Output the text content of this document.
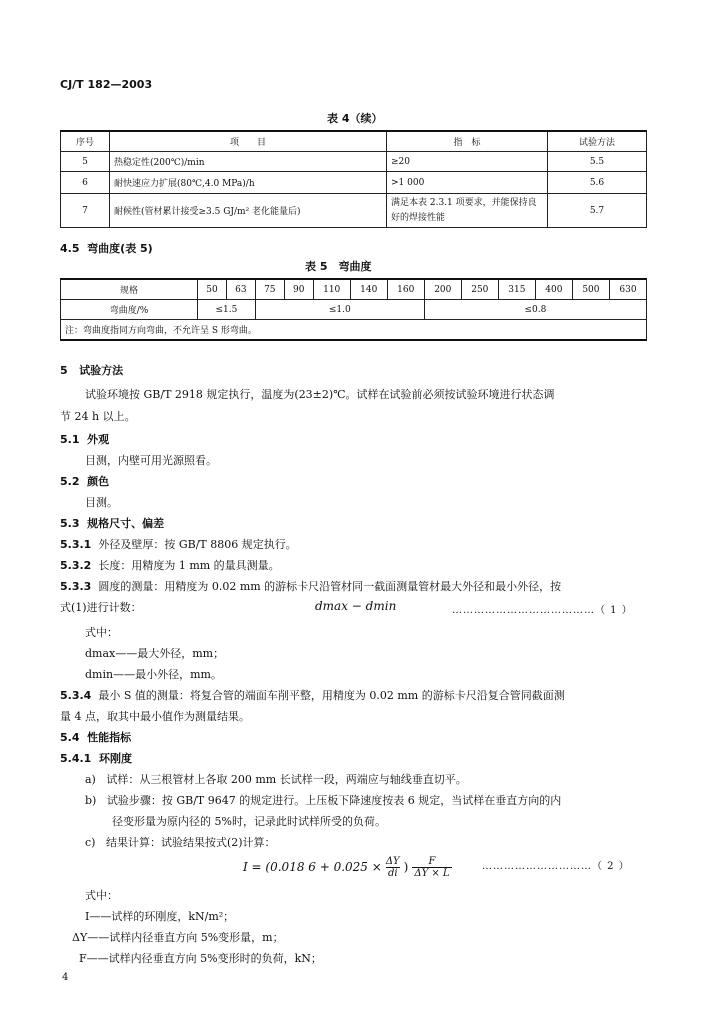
CJ/T 182—2003
表 4（续）
序号	项　　目	指　标	试验方法
5	热稳定性(200℃)/min	≥20	5.5
6	耐快速应力扩展(80℃,4.0 MPa)/h	>1 000	5.6
7	耐候性(管材累计接受≥3.5 GJ/m² 老化能量后)	满足本表 2.3.1 项要求，并能保持良好的焊接性能	5.7
4.5 弯曲度(表 5)
表 5　弯曲度
规格	50	63	75	90	110	140	160	200	250	315	400	500	630
弯曲度/%	≤1.5		≤1.0					≤0.8					
注：弯曲度指同方向弯曲，不允许呈 S 形弯曲。													
5 试验方法
试验环境按 GB/T 2918 规定执行，温度为(23±2)℃。试样在试验前必须按试验环境进行状态调
节 24 h 以上。
5.1 外观
目测，内壁可用光源照看。
5.2 颜色
目测。
5.3 规格尺寸、偏差
5.3.1 外径及壁厚：按 GB/T 8806 规定执行。
5.3.2 长度：用精度为 1 mm 的量具测量。
5.3.3 圆度的测量：用精度为 0.02 mm 的游标卡尺沿管材同一截面测量管材最大外径和最小外径，按
式(1)进行计数：	dmax − dmin	…………………………………（ 1 ）
式中：
dmax——最大外径，mm；
dmin——最小外径，mm。
5.3.4 最小 S 值的测量：将复合管的端面车削平整，用精度为 0.02 mm 的游标卡尺沿复合管同截面测
量 4 点，取其中最小值作为测量结果。
5.4 性能指标
5.4.1 环刚度
a) 试样：从三根管材上各取 200 mm 长试样一段，两端应与轴线垂直切平。
b) 试验步骤：按 GB/T 9647 的规定进行。上压板下降速度按表 6 规定，当试样在垂直方向的内
径变形量为原内径的 5%时，记录此时试样所受的负荷。
c) 结果计算：试验结果按式(2)计算：
I = (0.018 $6 + 0.025 \times \frac{\Delta Y}{di}$ ) $\frac{F}{\Delta Y \times L}$	…………………………（ 2 ）
式中：
I——试样的环刚度，kN/m²；
ΔY——试样内径垂直方向 5%变形量，m；
F——试样内径垂直方向 5%变形时的负荷，kN；
4
